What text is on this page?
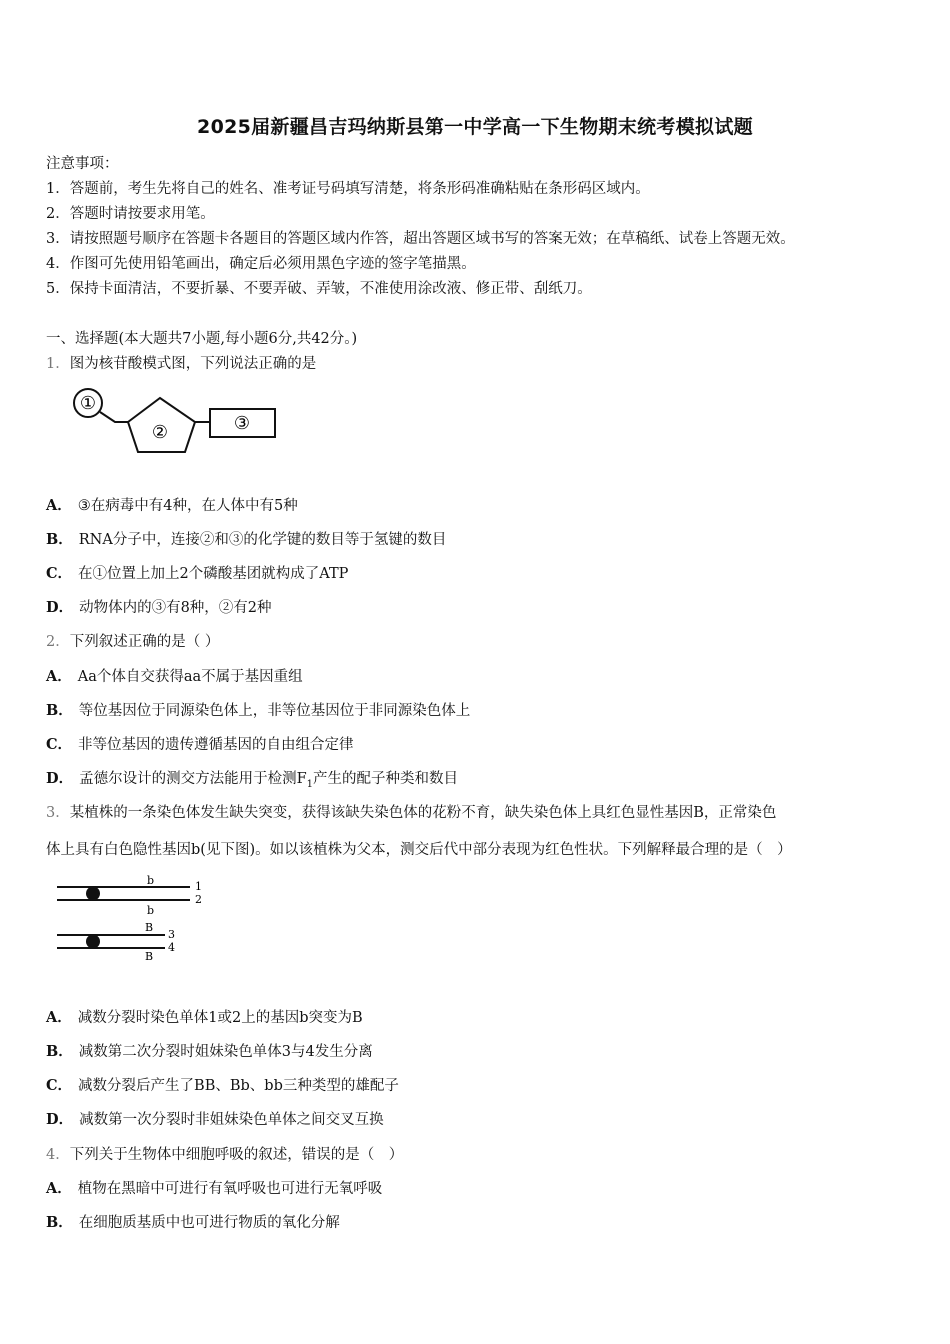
2025届新疆昌吉玛纳斯县第一中学高一下生物期末统考模拟试题
注意事项：
1．答题前，考生先将自己的姓名、准考证号码填写清楚，将条形码准确粘贴在条形码区域内。
2．答题时请按要求用笔。
3．请按照题号顺序在答题卡各题目的答题区域内作答，超出答题区域书写的答案无效；在草稿纸、试卷上答题无效。
4．作图可先使用铅笔画出，确定后必须用黑色字迹的签字笔描黑。
5．保持卡面清洁，不要折暴、不要弄破、弄皱，不准使用涂改液、修正带、刮纸刀。
一、选择题(本大题共7小题,每小题6分,共42分。)
1．图为核苷酸模式图，下列说法正确的是
①
②	③
A． ③在病毒中有4种，在人体中有5种
B． RNA分子中，连接②和③的化学键的数目等于氢键的数目
C． 在①位置上加上2个磷酸基团就构成了ATP
D． 动物体内的③有8种，②有2种
2．下列叙述正确的是（ ）
A． Aa个体自交获得aa不属于基因重组
B． 等位基因位于同源染色体上，非等位基因位于非同源染色体上
C． 非等位基因的遗传遵循基因的自由组合定律
D． 孟德尔设计的测交方法能用于检测$F_1$产生的配子种类和数目
3．某植株的一条染色体发生缺失突变，获得该缺失染色体的花粉不育，缺失染色体上具红色显性基因B，正常染色
体上具有白色隐性基因b(见下图)。如以该植株为父本，测交后代中部分表现为红色性状。下列解释最合理的是（　）
b
b
1
2
B
B
3
4
A． 减数分裂时染色单体1或2上的基因b突变为B
B． 减数第二次分裂时姐妹染色单体3与4发生分离
C． 减数分裂后产生了BB、Bb、bb三种类型的雄配子
D． 减数第一次分裂时非姐妹染色单体之间交叉互换
4．下列关于生物体中细胞呼吸的叙述，错误的是（　）
A． 植物在黑暗中可进行有氧呼吸也可进行无氧呼吸
B． 在细胞质基质中也可进行物质的氧化分解
